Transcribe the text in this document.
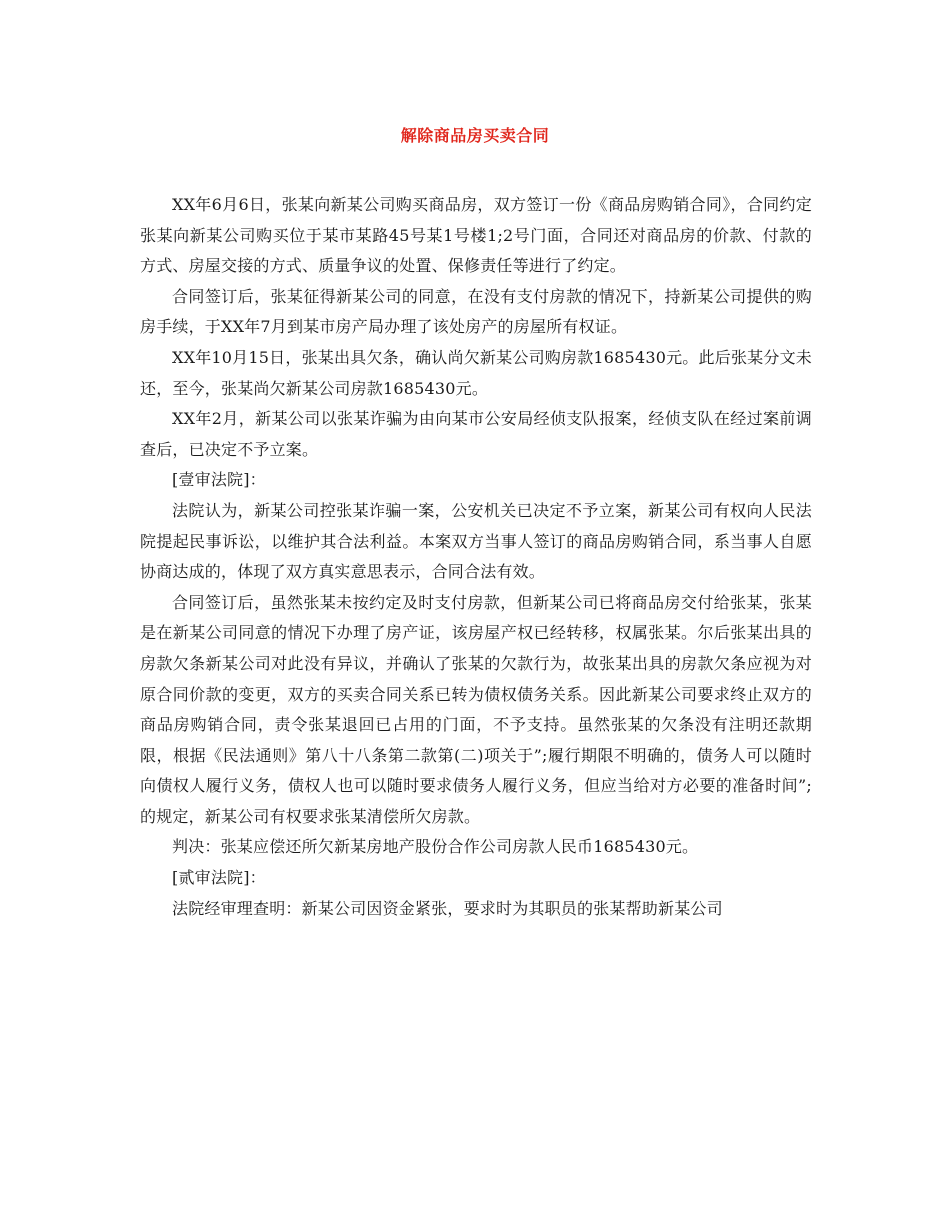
解除商品房买卖合同

XX年6月6日，张某向新某公司购买商品房，双方签订一份《商品房购销合同》，合同约定张某向新某公司购买位于某市某路45号某1号楼1;2号门面，合同还对商品房的价款、付款的方式、房屋交接的方式、质量争议的处置、保修责任等进行了约定。

合同签订后，张某征得新某公司的同意，在没有支付房款的情况下，持新某公司提供的购房手续，于XX年7月到某市房产局办理了该处房产的房屋所有权证。

XX年10月15日，张某出具欠条，确认尚欠新某公司购房款1685430元。此后张某分文未还，至今，张某尚欠新某公司房款1685430元。

XX年2月，新某公司以张某诈骗为由向某市公安局经侦支队报案，经侦支队在经过案前调查后，已决定不予立案。

[壹审法院]：

法院认为，新某公司控张某诈骗一案，公安机关已决定不予立案，新某公司有权向人民法院提起民事诉讼，以维护其合法利益。本案双方当事人签订的商品房购销合同，系当事人自愿协商达成的，体现了双方真实意思表示，合同合法有效。

合同签订后，虽然张某未按约定及时支付房款，但新某公司已将商品房交付给张某，张某是在新某公司同意的情况下办理了房产证，该房屋产权已经转移，权属张某。尔后张某出具的房款欠条新某公司对此没有异议，并确认了张某的欠款行为，故张某出具的房款欠条应视为对原合同价款的变更，双方的买卖合同关系已转为债权债务关系。因此新某公司要求终止双方的商品房购销合同，责令张某退回已占用的门面，不予支持。虽然张某的欠条没有注明还款期限，根据《民法通则》第八十八条第二款第(二)项关于”;履行期限不明确的，债务人可以随时向债权人履行义务，债权人也可以随时要求债务人履行义务，但应当给对方必要的准备时间”;的规定，新某公司有权要求张某清偿所欠房款。

判决：张某应偿还所欠新某房地产股份合作公司房款人民币1685430元。

[贰审法院]：

法院经审理查明：新某公司因资金紧张，要求时为其职员的张某帮助新某公司
